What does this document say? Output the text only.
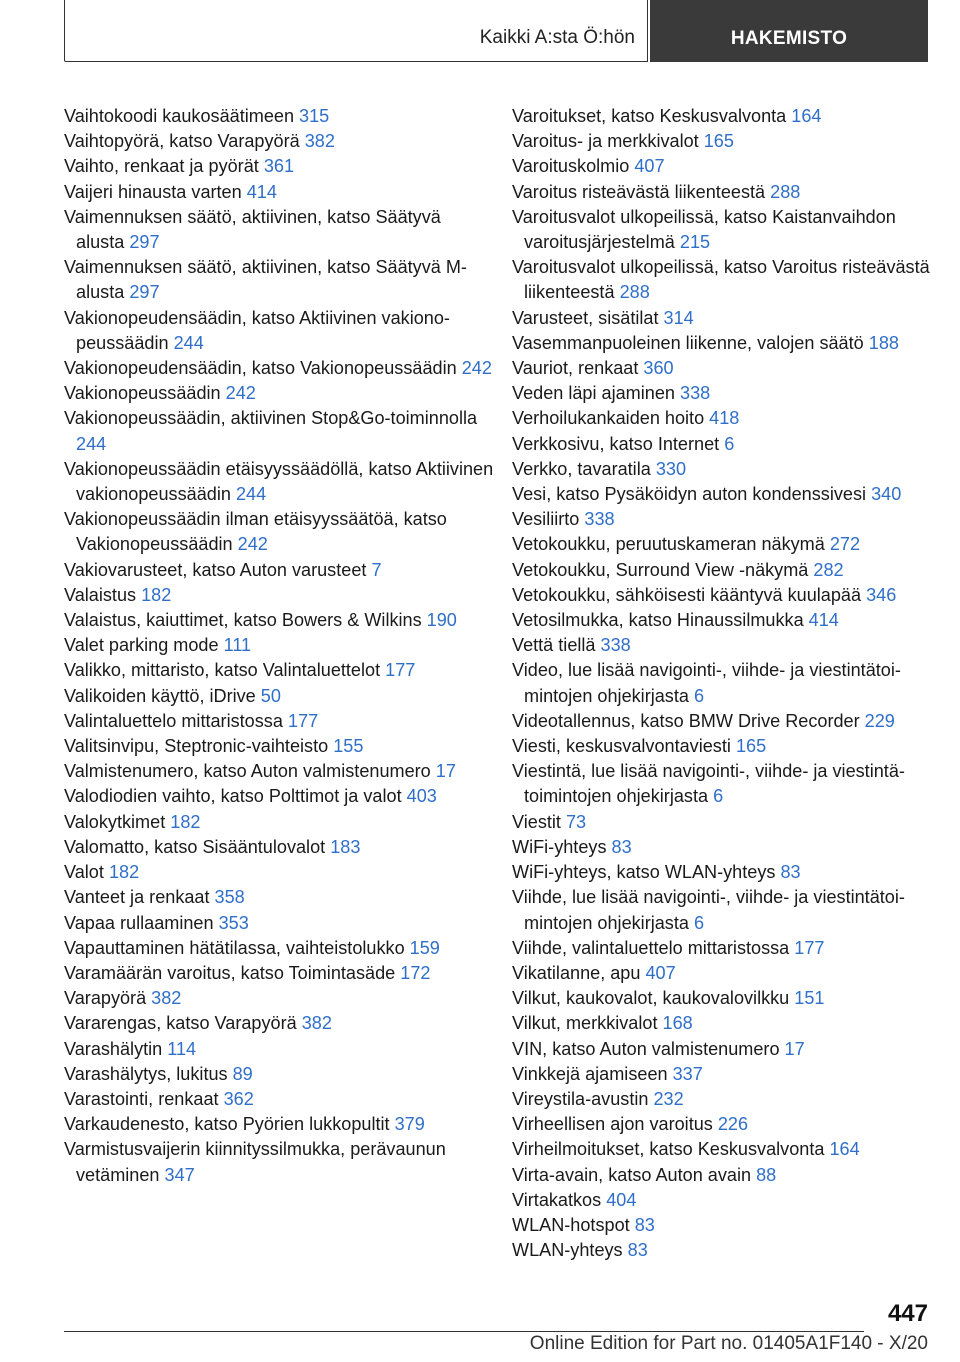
Kaikki A:sta Ö:hön	HAKEMISTO
Vaihtokoodi kaukosäätimeen 315
Vaihtopyörä, katso Varapyörä 382
Vaihto, renkaat ja pyörät 361
Vaijeri hinausta varten 414
Vaimennuksen säätö, aktiivinen, katso Säätyvä alusta 297
Vaimennuksen säätö, aktiivinen, katso Säätyvä M-alusta 297
Vakionopeudensäädin, katso Aktiivinen vakionopeussäädin 244
Vakionopeudensäädin, katso Vakionopeussäädin 242
Vakionopeussäädin 242
Vakionopeussäädin, aktiivinen Stop&Go-toiminnolla 244
Vakionopeussäädin etäisyyssäädöllä, katso Aktiivinen vakionopeussäädin 244
Vakionopeussäädin ilman etäisyyssäätöä, katso Vakionopeussäädin 242
Vakiovarusteet, katso Auton varusteet 7
Valaistus 182
Valaistus, kaiuttimet, katso Bowers & Wilkins 190
Valet parking mode 111
Valikko, mittaristo, katso Valintaluettelot 177
Valikoiden käyttö, iDrive 50
Valintaluettelo mittaristossa 177
Valitsinvipu, Steptronic-vaihteisto 155
Valmistenumero, katso Auton valmistenumero 17
Valodiodien vaihto, katso Polttimot ja valot 403
Valokytkimet 182
Valomatto, katso Sisääntulovalot 183
Valot 182
Vanteet ja renkaat 358
Vapaa rullaaminen 353
Vapauttaminen hätätilassa, vaihteistolukko 159
Varamäärän varoitus, katso Toimintasäde 172
Varapyörä 382
Vararengas, katso Varapyörä 382
Varashälytin 114
Varashälytys, lukitus 89
Varastointi, renkaat 362
Varkaudenesto, katso Pyörien lukkopultit 379
Varmistusvaijerin kiinnityssilmukka, perävaunun vetäminen 347
Varoitukset, katso Keskusvalvonta 164
Varoitus- ja merkkivalot 165
Varoituskolmio 407
Varoitus risteävästä liikenteestä 288
Varoitusvalot ulkopeilissä, katso Kaistanvaihdon varoitusjärjestelmä 215
Varoitusvalot ulkopeilissä, katso Varoitus risteävästä liikenteestä 288
Varusteet, sisätilat 314
Vasemmanpuoleinen liikenne, valojen säätö 188
Vauriot, renkaat 360
Veden läpi ajaminen 338
Verhoilukankaiden hoito 418
Verkkosivu, katso Internet 6
Verkko, tavaratila 330
Vesi, katso Pysäköidyn auton kondenssivesi 340
Vesiliirto 338
Vetokoukku, peruutuskameran näkymä 272
Vetokoukku, Surround View -näkymä 282
Vetokoukku, sähköisesti kääntyvä kuulapää 346
Vetosilmukka, katso Hinaussilmukka 414
Vettä tiellä 338
Video, lue lisää navigointi-, viihde- ja viestintätoimintojen ohjekirjasta 6
Videotallennus, katso BMW Drive Recorder 229
Viesti, keskusvalvontaviesti 165
Viestintä, lue lisää navigointi-, viihde- ja viestintätoimintojen ohjekirjasta 6
Viestit 73
WiFi-yhteys 83
WiFi-yhteys, katso WLAN-yhteys 83
Viihde, lue lisää navigointi-, viihde- ja viestintätoimintojen ohjekirjasta 6
Viihde, valintaluettelo mittaristossa 177
Vikatilanne, apu 407
Vilkut, kaukovalot, kaukovalovilkku 151
Vilkut, merkkivalot 168
VIN, katso Auton valmistenumero 17
Vinkkejä ajamiseen 337
Vireystila-avustin 232
Virheellisen ajon varoitus 226
Virheilmoitukset, katso Keskusvalvonta 164
Virta-avain, katso Auton avain 88
Virtakatkos 404
WLAN-hotspot 83
WLAN-yhteys 83
447
Online Edition for Part no. 01405A1F140 - X/20
